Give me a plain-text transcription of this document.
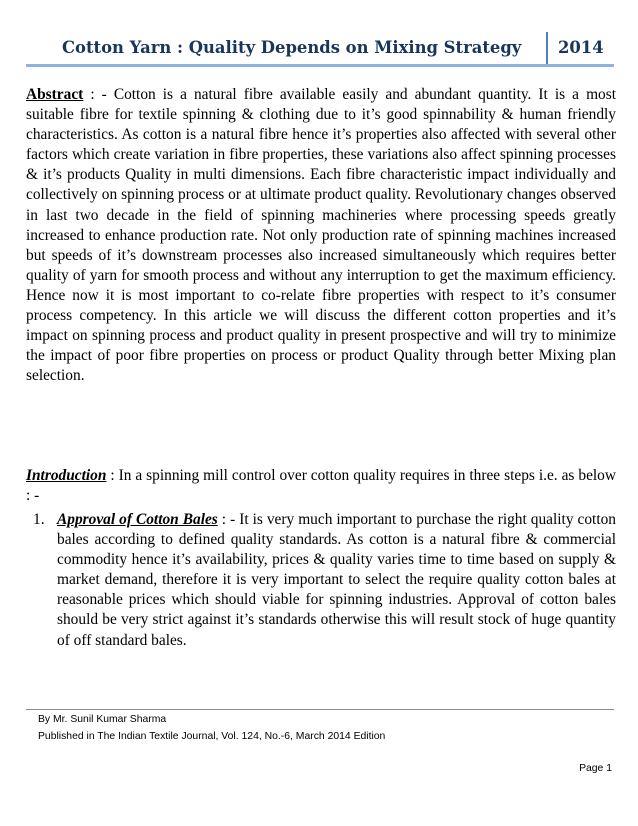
Cotton Yarn : Quality Depends on Mixing Strategy 2014
Abstract : - Cotton is a natural fibre available easily and abundant quantity. It is a most suitable fibre for textile spinning & clothing due to it’s good spinnability & human friendly characteristics. As cotton is a natural fibre hence it’s properties also affected with several other factors which create variation in fibre properties, these variations also affect spinning processes & it’s products Quality in multi dimensions. Each fibre characteristic impact individually and collectively on spinning process or at ultimate product quality. Revolutionary changes observed in last two decade in the field of spinning machineries where processing speeds greatly increased to enhance production rate. Not only production rate of spinning machines increased but speeds of it’s downstream processes also increased simultaneously which requires better quality of yarn for smooth process and without any interruption to get the maximum efficiency. Hence now it is most important to co-relate fibre properties with respect to it’s consumer process competency. In this article we will discuss the different cotton properties and it’s impact on spinning process and product quality in present prospective and will try to minimize the impact of poor fibre properties on process or product Quality through better Mixing plan selection.
Introduction : In a spinning mill control over cotton quality requires in three steps i.e. as below : -
1. Approval of Cotton Bales : - It is very much important to purchase the right quality cotton bales according to defined quality standards. As cotton is a natural fibre & commercial commodity hence it’s availability, prices & quality varies time to time based on supply & market demand, therefore it is very important to select the require quality cotton bales at reasonable prices which should viable for spinning industries. Approval of cotton bales should be very strict against it’s standards otherwise this will result stock of huge quantity of off standard bales.
By Mr. Sunil Kumar Sharma
Published in The Indian Textile Journal, Vol. 124, No.-6, March 2014 Edition
Page 1
